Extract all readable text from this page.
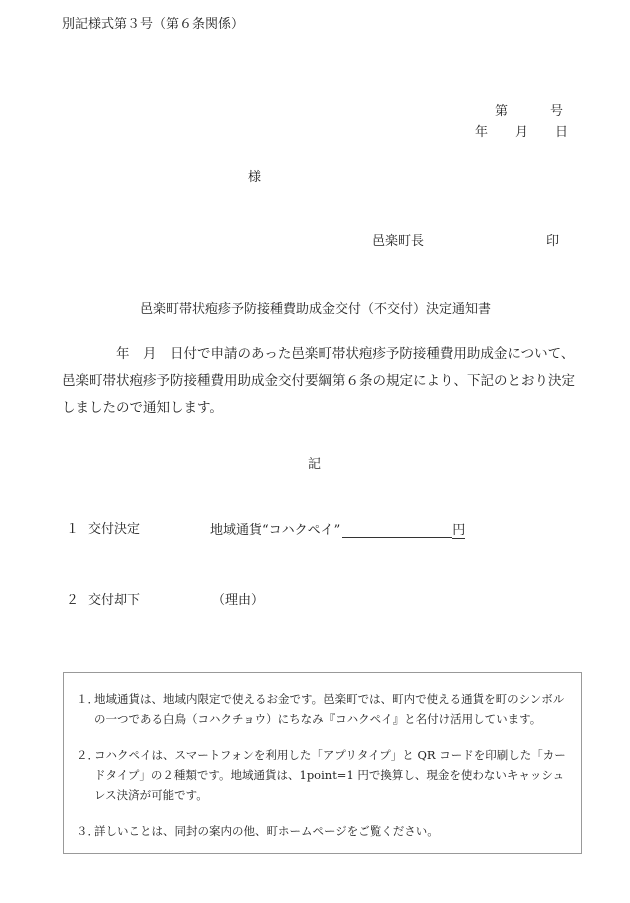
別記様式第３号（第６条関係）
第	号
年 月 日
様
邑楽町長	印
邑楽町帯状疱疹予防接種費助成金交付（不交付）決定通知書
年　月　日付で申請のあった邑楽町帯状疱疹予防接種費用助成金について、邑楽町帯状疱疹予防接種費用助成金交付要綱第６条の規定により、下記のとおり決定しましたので通知します。
記
１ 交付決定	地域通貨“コハクペイ”	円
２ 交付却下	（理由）
１．
地域通貨は、地域内限定で使えるお金です。邑楽町では、町内で使える通貨を町のシンボルの一つである白鳥（コハクチョウ）にちなみ『コハクペイ』と名付け活用しています。
２．
コハクペイは、スマートフォンを利用した「アプリタイプ」と QR コードを印刷した「カードタイプ」の２種類です。地域通貨は、1point=1 円で換算し、現金を使わないキャッシュレス決済が可能です。
３．
詳しいことは、同封の案内の他、町ホームページをご覧ください。
